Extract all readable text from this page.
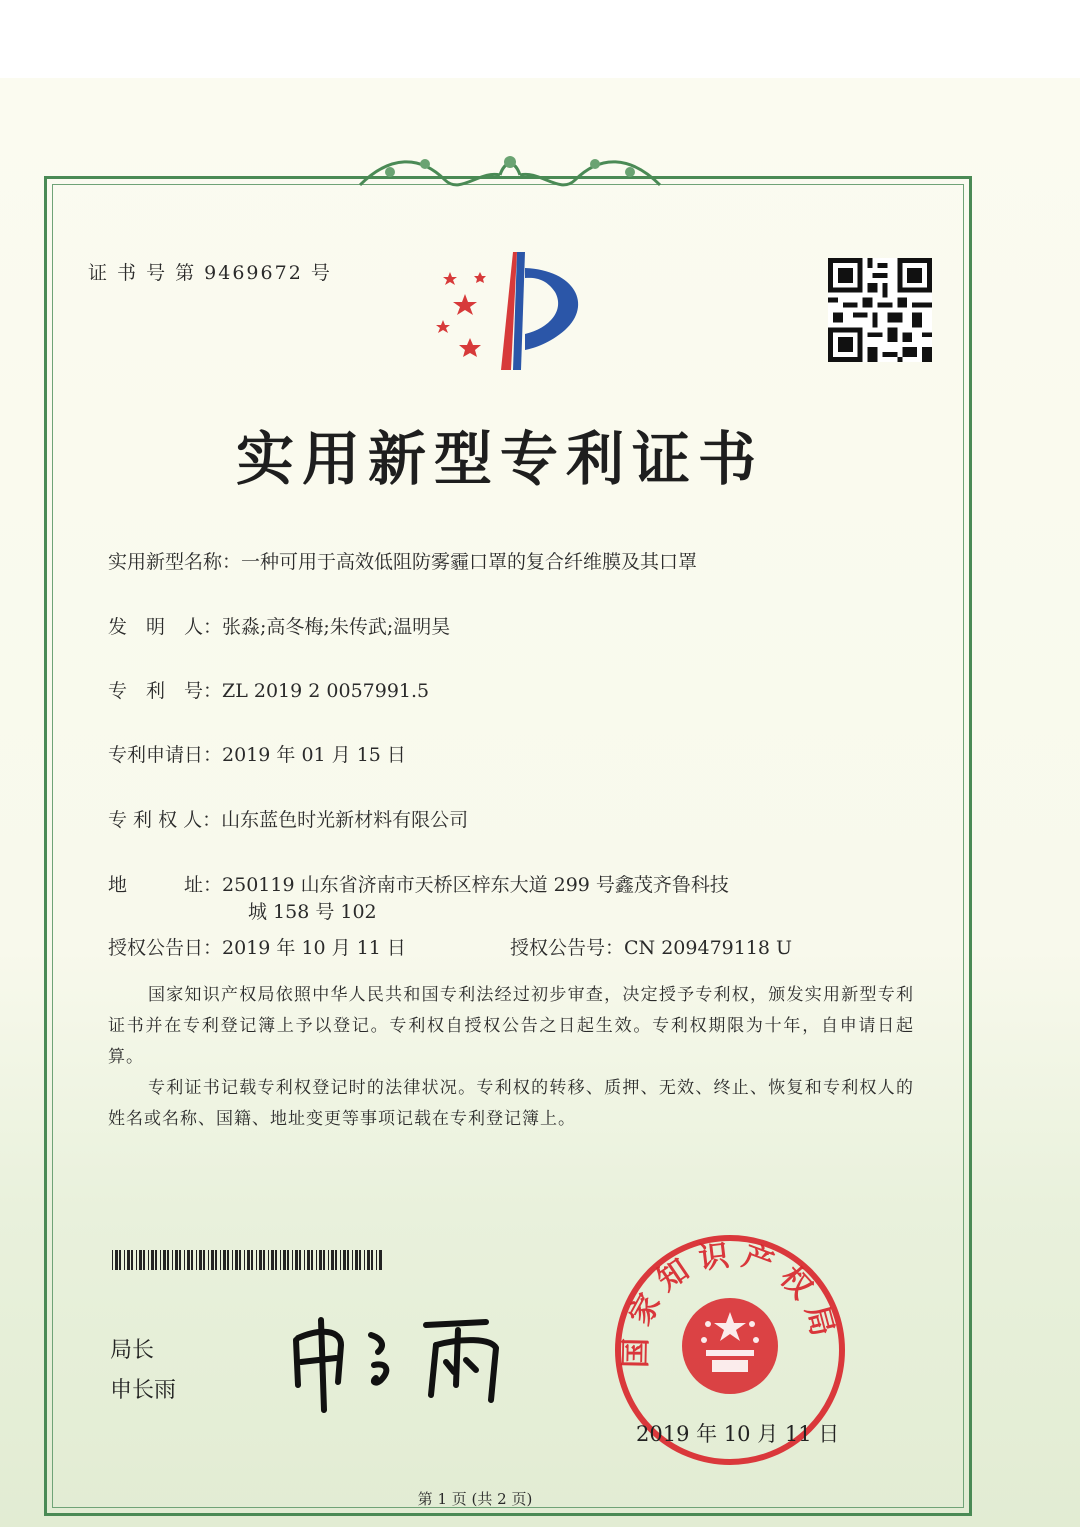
证 书 号 第 9469672 号
实用新型专利证书
实用新型名称：一种可用于高效低阻防雾霾口罩的复合纤维膜及其口罩
发　明　人：张淼;高冬梅;朱传武;温明昊
专　利　号：ZL 2019 2 0057991.5
专利申请日：2019 年 01 月 15 日
专 利 权 人：山东蓝色时光新材料有限公司
地　　　址：250119 山东省济南市天桥区梓东大道 299 号鑫茂齐鲁科技
城 158 号 102
授权公告日：2019 年 10 月 11 日	授权公告号：CN 209479118 U
国家知识产权局依照中华人民共和国专利法经过初步审查，决定授予专利权，颁发实用新型专利证书并在专利登记簿上予以登记。专利权自授权公告之日起生效。专利权期限为十年，自申请日起算。
专利证书记载专利权登记时的法律状况。专利权的转移、质押、无效、终止、恢复和专利权人的姓名或名称、国籍、地址变更等事项记载在专利登记簿上。
局长
申长雨
国家知识产权局
2019 年 10 月 11 日
第 1 页 (共 2 页)
